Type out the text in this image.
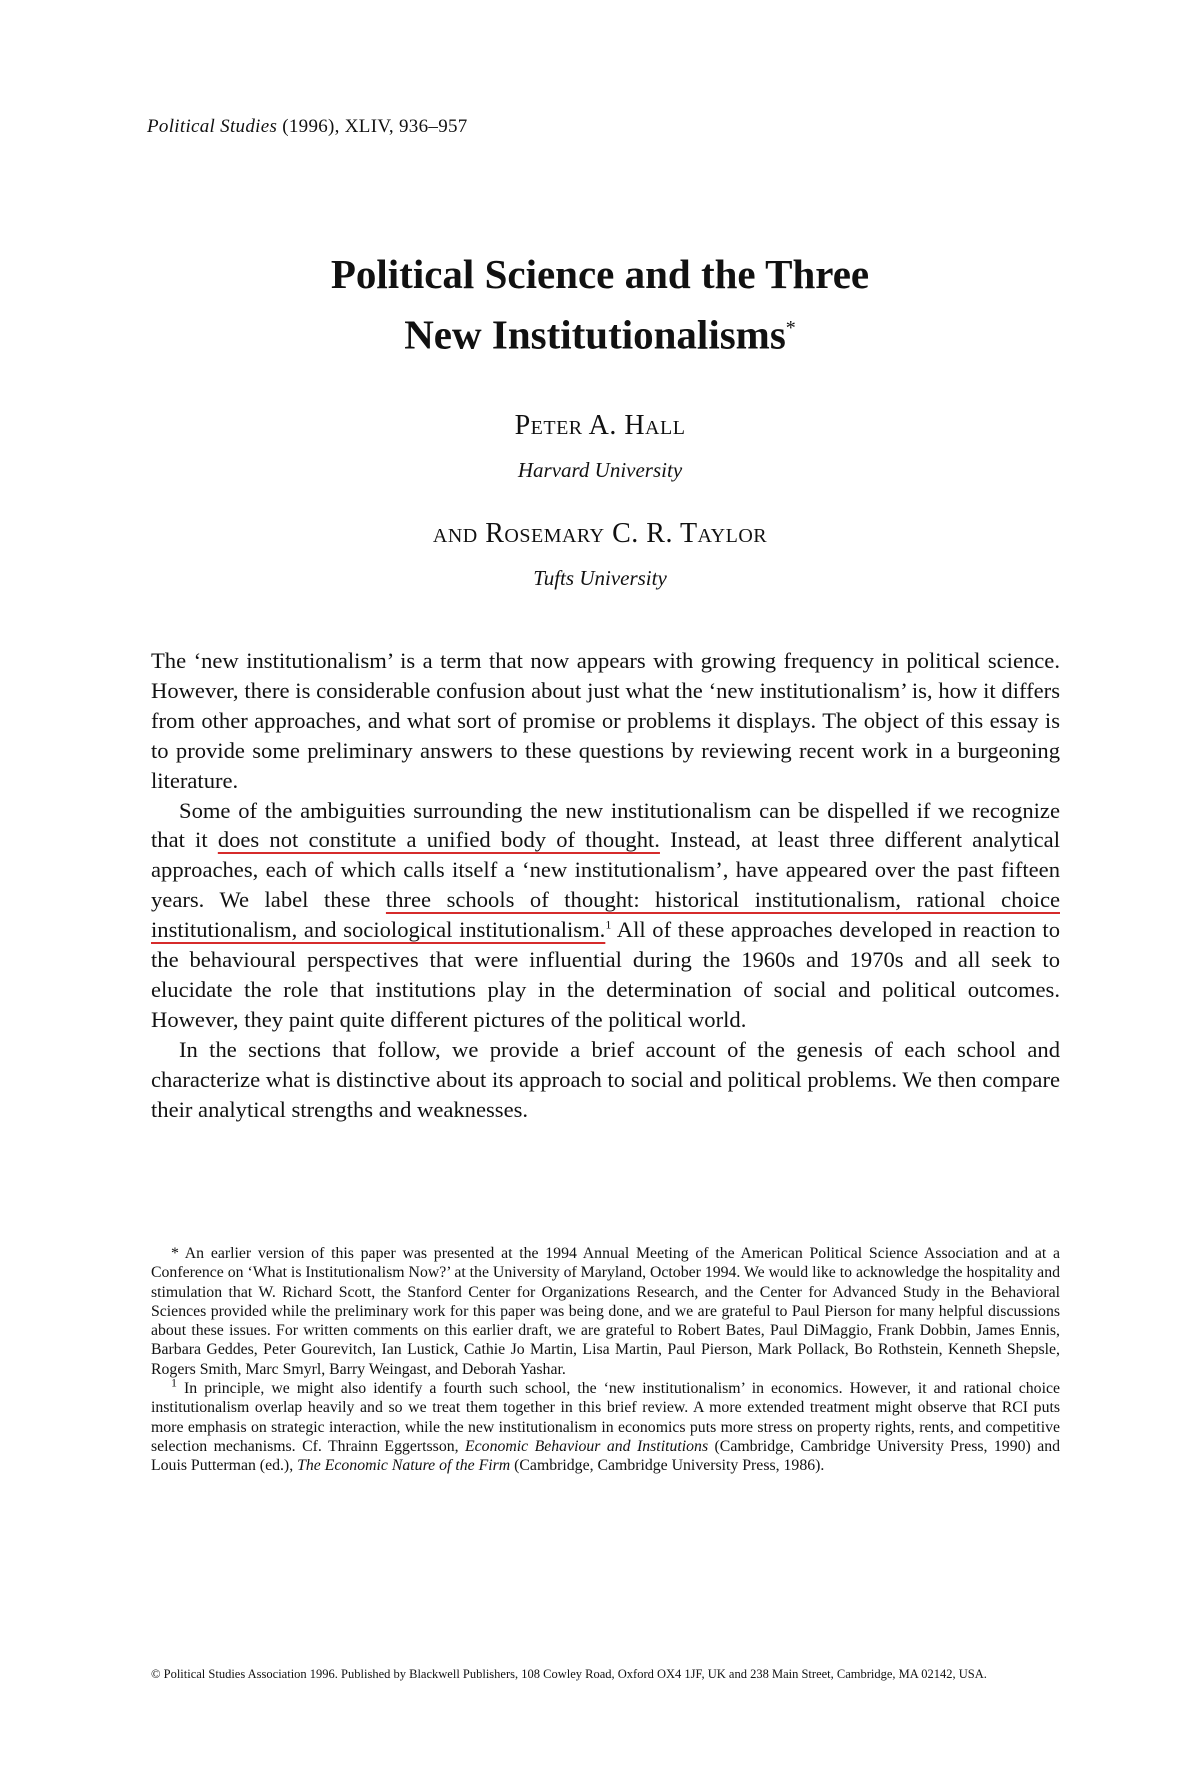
Political Studies (1996), XLIV, 936–957
Political Science and the Three
New Institutionalisms*
Peter A. Hall
Harvard University
and Rosemary C. R. Taylor
Tufts University

The ‘new institutionalism’ is a term that now appears with growing frequency in political science. However, there is considerable confusion about just what the ‘new institutionalism’ is, how it differs from other approaches, and what sort of promise or problems it displays. The object of this essay is to provide some preliminary answers to these questions by reviewing recent work in a burgeoning literature.

Some of the ambiguities surrounding the new institutionalism can be dispelled if we recognize that it does not constitute a unified body of thought. Instead, at least three different analytical approaches, each of which calls itself a ‘new institutionalism’, have appeared over the past fifteen years. We label these three schools of thought: historical institutionalism, rational choice institutionalism, and sociological institutionalism.$^1$ All of these approaches developed in reaction to the behavioural perspectives that were influential during the 1960s and 1970s and all seek to elucidate the role that institutions play in the determination of social and political outcomes. However, they paint quite different pictures of the political world.

In the sections that follow, we provide a brief account of the genesis of each school and characterize what is distinctive about its approach to social and political problems. We then compare their analytical strengths and weaknesses.

* An earlier version of this paper was presented at the 1994 Annual Meeting of the American Political Science Association and at a Conference on ‘What is Institutionalism Now?’ at the University of Maryland, October 1994. We would like to acknowledge the hospitality and stimulation that W. Richard Scott, the Stanford Center for Organizations Research, and the Center for Advanced Study in the Behavioral Sciences provided while the preliminary work for this paper was being done, and we are grateful to Paul Pierson for many helpful discussions about these issues. For written comments on this earlier draft, we are grateful to Robert Bates, Paul DiMaggio, Frank Dobbin, James Ennis, Barbara Geddes, Peter Gourevitch, Ian Lustick, Cathie Jo Martin, Lisa Martin, Paul Pierson, Mark Pollack, Bo Rothstein, Kenneth Shepsle, Rogers Smith, Marc Smyrl, Barry Weingast, and Deborah Yashar.

$^1$ In principle, we might also identify a fourth such school, the ‘new institutionalism’ in economics. However, it and rational choice institutionalism overlap heavily and so we treat them together in this brief review. A more extended treatment might observe that RCI puts more emphasis on strategic interaction, while the new institutionalism in economics puts more stress on property rights, rents, and competitive selection mechanisms. Cf. Thrainn Eggertsson, Economic Behaviour and Institutions (Cambridge, Cambridge University Press, 1990) and Louis Putterman (ed.), The Economic Nature of the Firm (Cambridge, Cambridge University Press, 1986).

© Political Studies Association 1996. Published by Blackwell Publishers, 108 Cowley Road, Oxford OX4 1JF, UK and 238 Main Street, Cambridge, MA 02142, USA.
